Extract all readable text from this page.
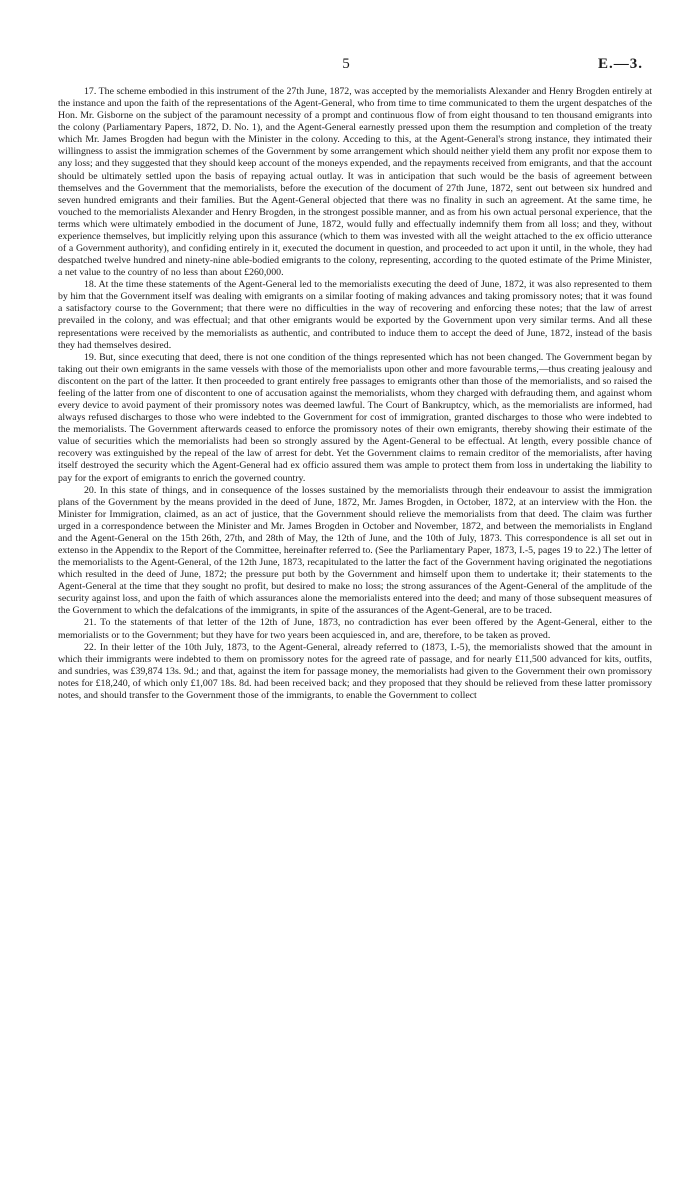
5	E.—3.

17. The scheme embodied in this instrument of the 27th June, 1872, was accepted by the memorialists Alexander and Henry Brogden entirely at the instance and upon the faith of the representations of the Agent-General, who from time to time communicated to them the urgent despatches of the Hon. Mr. Gisborne on the subject of the paramount necessity of a prompt and continuous flow of from eight thousand to ten thousand emigrants into the colony (Parliamentary Papers, 1872, D. No. 1), and the Agent-General earnestly pressed upon them the resumption and completion of the treaty which Mr. James Brogden had begun with the Minister in the colony. Acceding to this, at the Agent-General's strong instance, they intimated their willingness to assist the immigration schemes of the Government by some arrangement which should neither yield them any profit nor expose them to any loss; and they suggested that they should keep account of the moneys expended, and the repayments received from emigrants, and that the account should be ultimately settled upon the basis of repaying actual outlay. It was in anticipation that such would be the basis of agreement between themselves and the Government that the memorialists, before the execution of the document of 27th June, 1872, sent out between six hundred and seven hundred emigrants and their families. But the Agent-General objected that there was no finality in such an agreement. At the same time, he vouched to the memorialists Alexander and Henry Brogden, in the strongest possible manner, and as from his own actual personal experience, that the terms which were ultimately embodied in the document of June, 1872, would fully and effectually indemnify them from all loss; and they, without experience themselves, but implicitly relying upon this assurance (which to them was invested with all the weight attached to the ex officio utterance of a Government authority), and confiding entirely in it, executed the document in question, and proceeded to act upon it until, in the whole, they had despatched twelve hundred and ninety-nine able-bodied emigrants to the colony, representing, according to the quoted estimate of the Prime Minister, a net value to the country of no less than about £260,000.

18. At the time these statements of the Agent-General led to the memorialists executing the deed of June, 1872, it was also represented to them by him that the Government itself was dealing with emigrants on a similar footing of making advances and taking promissory notes; that it was found a satisfactory course to the Government; that there were no difficulties in the way of recovering and enforcing these notes; that the law of arrest prevailed in the colony, and was effectual; and that other emigrants would be exported by the Government upon very similar terms. And all these representations were received by the memorialists as authentic, and contributed to induce them to accept the deed of June, 1872, instead of the basis they had themselves desired.

19. But, since executing that deed, there is not one condition of the things represented which has not been changed. The Government began by taking out their own emigrants in the same vessels with those of the memorialists upon other and more favourable terms,—thus creating jealousy and discontent on the part of the latter. It then proceeded to grant entirely free passages to emigrants other than those of the memorialists, and so raised the feeling of the latter from one of discontent to one of accusation against the memorialists, whom they charged with defrauding them, and against whom every device to avoid payment of their promissory notes was deemed lawful. The Court of Bankruptcy, which, as the memorialists are informed, had always refused discharges to those who were indebted to the Government for cost of immigration, granted discharges to those who were indebted to the memorialists. The Government afterwards ceased to enforce the promissory notes of their own emigrants, thereby showing their estimate of the value of securities which the memorialists had been so strongly assured by the Agent-General to be effectual. At length, every possible chance of recovery was extinguished by the repeal of the law of arrest for debt. Yet the Government claims to remain creditor of the memorialists, after having itself destroyed the security which the Agent-General had ex officio assured them was ample to protect them from loss in undertaking the liability to pay for the export of emigrants to enrich the governed country.

20. In this state of things, and in consequence of the losses sustained by the memorialists through their endeavour to assist the immigration plans of the Government by the means provided in the deed of June, 1872, Mr. James Brogden, in October, 1872, at an interview with the Hon. the Minister for Immigration, claimed, as an act of justice, that the Government should relieve the memorialists from that deed. The claim was further urged in a correspondence between the Minister and Mr. James Brogden in October and November, 1872, and between the memorialists in England and the Agent-General on the 15th 26th, 27th, and 28th of May, the 12th of June, and the 10th of July, 1873. This correspondence is all set out in extenso in the Appendix to the Report of the Committee, hereinafter referred to. (See the Parliamentary Paper, 1873, I.-5, pages 19 to 22.) The letter of the memorialists to the Agent-General, of the 12th June, 1873, recapitulated to the latter the fact of the Government having originated the negotiations which resulted in the deed of June, 1872; the pressure put both by the Government and himself upon them to undertake it; their statements to the Agent-General at the time that they sought no profit, but desired to make no loss; the strong assurances of the Agent-General of the amplitude of the security against loss, and upon the faith of which assurances alone the memorialists entered into the deed; and many of those subsequent measures of the Government to which the defalcations of the immigrants, in spite of the assurances of the Agent-General, are to be traced.

21. To the statements of that letter of the 12th of June, 1873, no contradiction has ever been offered by the Agent-General, either to the memorialists or to the Government; but they have for two years been acquiesced in, and are, therefore, to be taken as proved.

22. In their letter of the 10th July, 1873, to the Agent-General, already referred to (1873, I.-5), the memorialists showed that the amount in which their immigrants were indebted to them on promissory notes for the agreed rate of passage, and for nearly £11,500 advanced for kits, outfits, and sundries, was £39,874 13s. 9d.; and that, against the item for passage money, the memorialists had given to the Government their own promissory notes for £18,240, of which only £1,007 18s. 8d. had been received back; and they proposed that they should be relieved from these latter promissory notes, and should transfer to the Government those of the immigrants, to enable the Government to collect
